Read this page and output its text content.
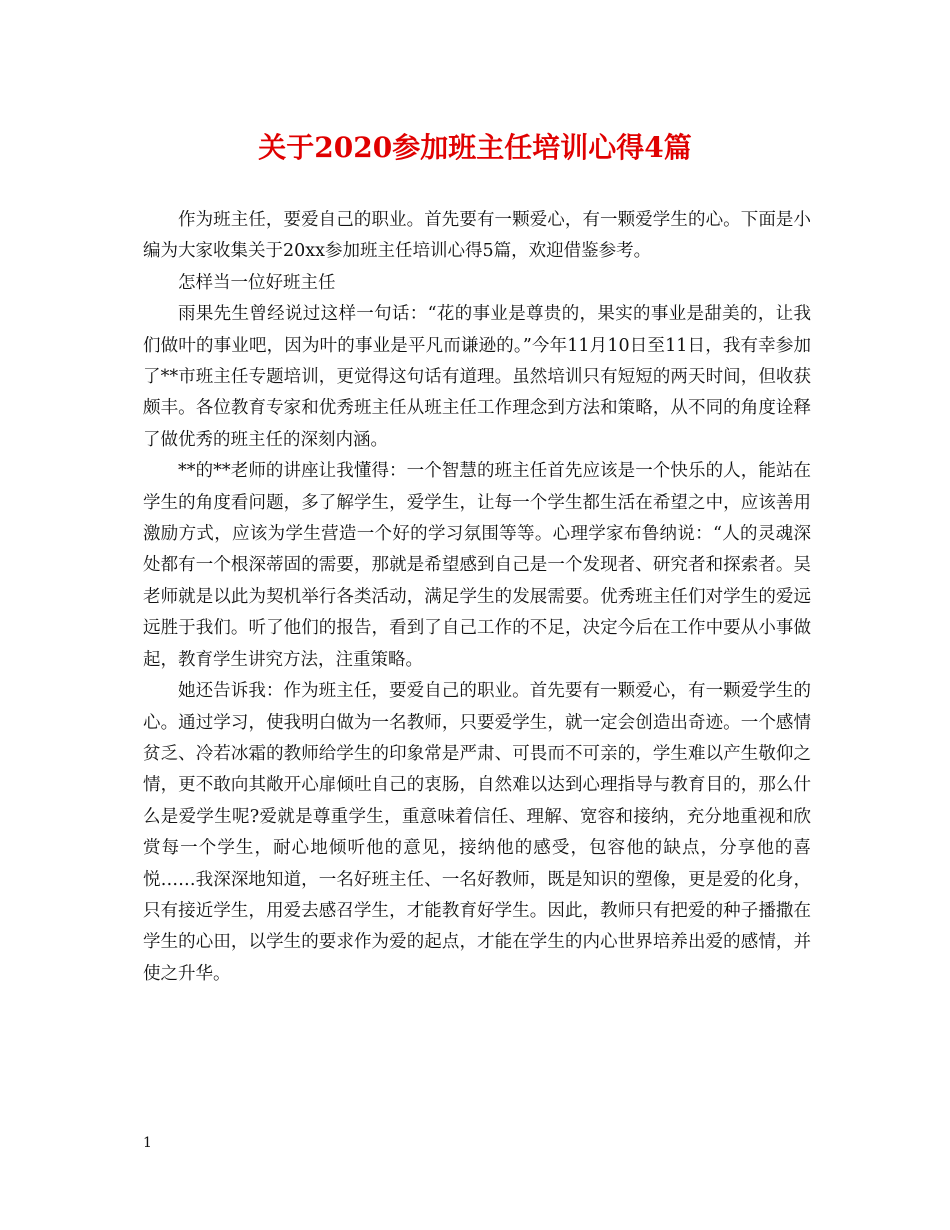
关于2020参加班主任培训心得4篇

作为班主任，要爱自己的职业。首先要有一颗爱心，有一颗爱学生的心。下面是小编为大家收集关于20xx参加班主任培训心得5篇，欢迎借鉴参考。

怎样当一位好班主任

雨果先生曾经说过这样一句话：“花的事业是尊贵的，果实的事业是甜美的，让我们做叶的事业吧，因为叶的事业是平凡而谦逊的。”今年11月10日至11日，我有幸参加了**市班主任专题培训，更觉得这句话有道理。虽然培训只有短短的两天时间，但收获颇丰。各位教育专家和优秀班主任从班主任工作理念到方法和策略，从不同的角度诠释了做优秀的班主任的深刻内涵。

**的**老师的讲座让我懂得：一个智慧的班主任首先应该是一个快乐的人，能站在学生的角度看问题，多了解学生，爱学生，让每一个学生都生活在希望之中，应该善用激励方式，应该为学生营造一个好的学习氛围等等。心理学家布鲁纳说：“人的灵魂深处都有一个根深蒂固的需要，那就是希望感到自己是一个发现者、研究者和探索者。吴老师就是以此为契机举行各类活动，满足学生的发展需要。优秀班主任们对学生的爱远远胜于我们。听了他们的报告，看到了自己工作的不足，决定今后在工作中要从小事做起，教育学生讲究方法，注重策略。

她还告诉我：作为班主任，要爱自己的职业。首先要有一颗爱心，有一颗爱学生的心。通过学习，使我明白做为一名教师，只要爱学生，就一定会创造出奇迹。一个感情贫乏、冷若冰霜的教师给学生的印象常是严肃、可畏而不可亲的，学生难以产生敬仰之情，更不敢向其敞开心扉倾吐自己的衷肠，自然难以达到心理指导与教育目的，那么什么是爱学生呢?爱就是尊重学生，重意味着信任、理解、宽容和接纳，充分地重视和欣赏每一个学生，耐心地倾听他的意见，接纳他的感受，包容他的缺点，分享他的喜悦……我深深地知道，一名好班主任、一名好教师，既是知识的塑像，更是爱的化身，只有接近学生，用爱去感召学生，才能教育好学生。因此，教师只有把爱的种子播撒在学生的心田，以学生的要求作为爱的起点，才能在学生的内心世界培养出爱的感情，并使之升华。

1
